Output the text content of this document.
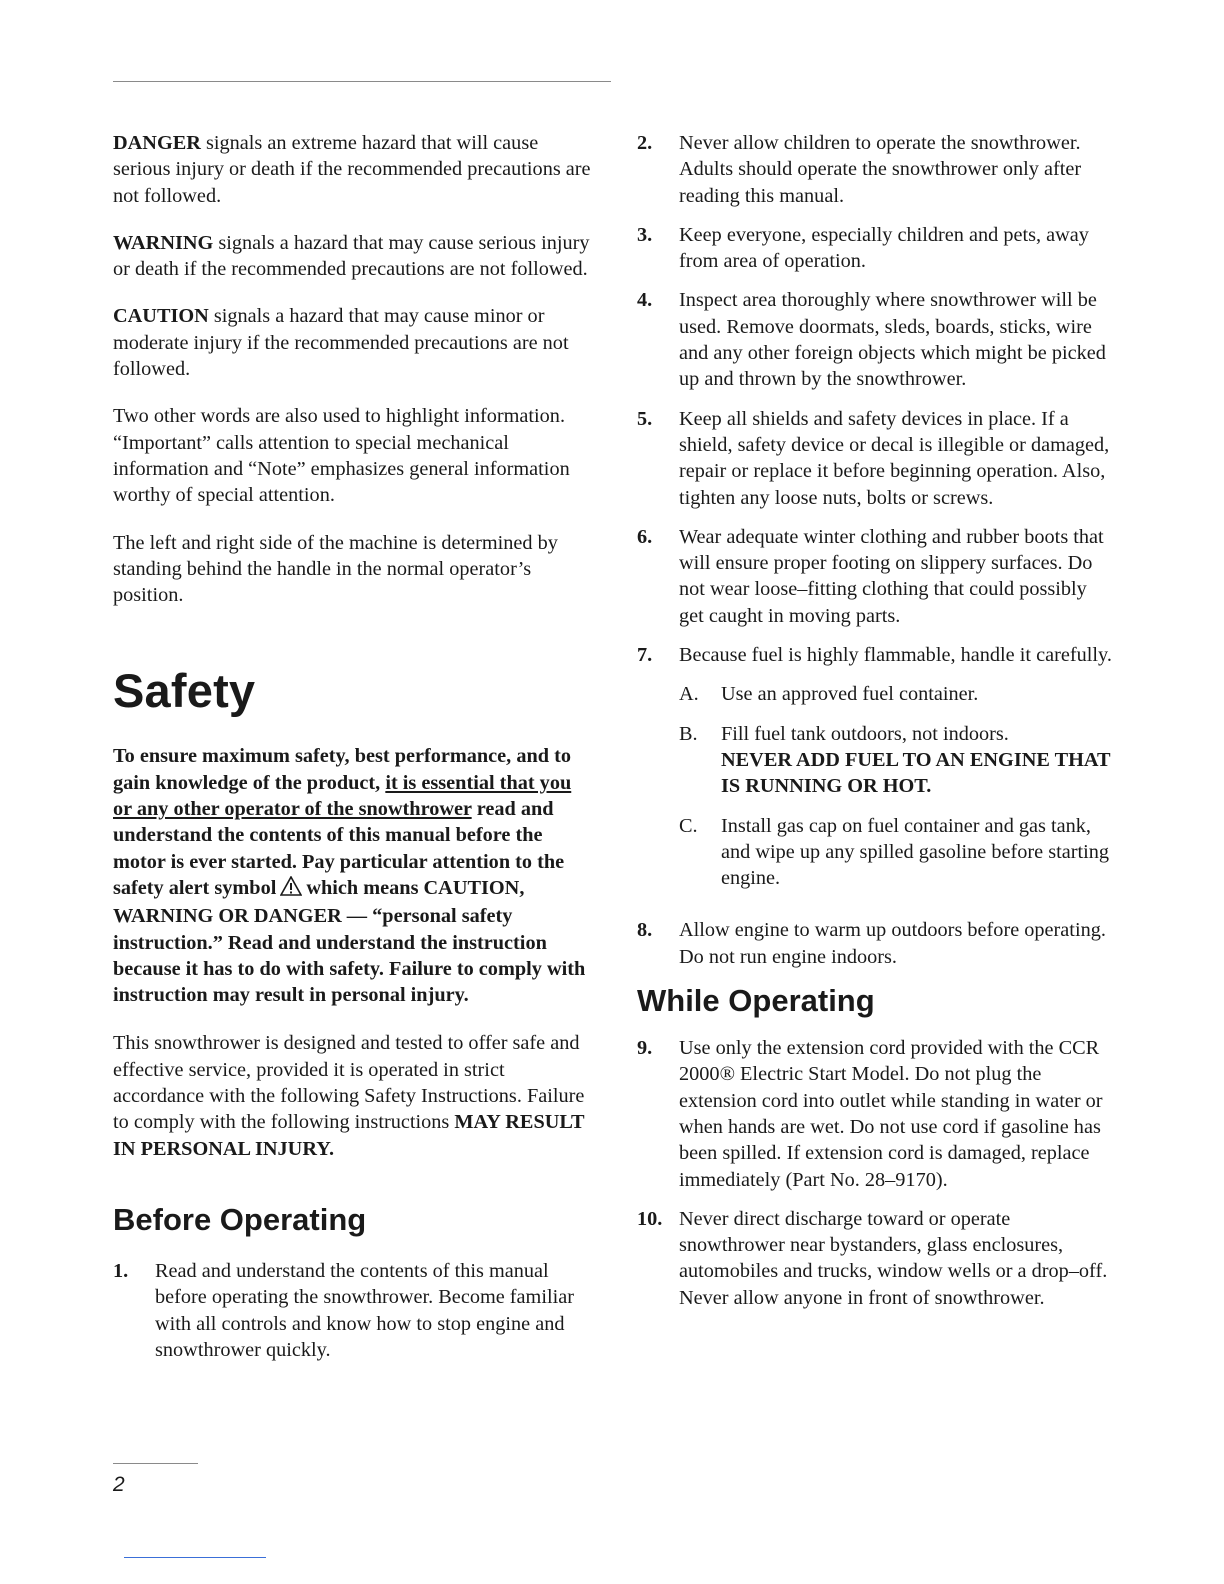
DANGER signals an extreme hazard that will cause serious injury or death if the recommended precautions are not followed.

WARNING signals a hazard that may cause serious injury or death if the recommended precautions are not followed.

CAUTION signals a hazard that may cause minor or moderate injury if the recommended precautions are not followed.

Two other words are also used to highlight information. “Important” calls attention to special mechanical information and “Note” emphasizes general information worthy of special attention.

The left and right side of the machine is determined by standing behind the handle in the normal operator’s position.

Safety

To ensure maximum safety, best performance, and to gain knowledge of the product, it is essential that you or any other operator of the snowthrower read and understand the contents of this manual before the motor is ever started. Pay particular attention to the safety alert symbol which means CAUTION, WARNING OR DANGER — “personal safety instruction.” Read and understand the instruction because it has to do with safety. Failure to comply with instruction may result in personal injury.

This snowthrower is designed and tested to offer safe and effective service, provided it is operated in strict accordance with the following Safety Instructions. Failure to comply with the following instructions MAY RESULT IN PERSONAL INJURY.

Before Operating
1.	Read and understand the contents of this manual before operating the snowthrower. Become familiar with all controls and know how to stop engine and snowthrower quickly.
2.	Never allow children to operate the snowthrower. Adults should operate the snowthrower only after reading this manual.
3.	Keep everyone, especially children and pets, away from area of operation.
4.	Inspect area thoroughly where snowthrower will be used. Remove doormats, sleds, boards, sticks, wire and any other foreign objects which might be picked up and thrown by the snowthrower.
5.	Keep all shields and safety devices in place. If a shield, safety device or decal is illegible or damaged, repair or replace it before beginning operation. Also, tighten any loose nuts, bolts or screws.
6.	Wear adequate winter clothing and rubber boots that will ensure proper footing on slippery surfaces. Do not wear loose–fitting clothing that could possibly get caught in moving parts.
7.	Because fuel is highly flammable, handle it carefully.
A.	Use an approved fuel container.
B.	Fill fuel tank outdoors, not indoors.
NEVER ADD FUEL TO AN ENGINE THAT IS RUNNING OR HOT.
C.	Install gas cap on fuel container and gas tank, and wipe up any spilled gasoline before starting engine.
8.	Allow engine to warm up outdoors before operating. Do not run engine indoors.
While Operating
9.	Use only the extension cord provided with the CCR 2000® Electric Start Model. Do not plug the extension cord into outlet while standing in water or when hands are wet. Do not use cord if gasoline has been spilled. If extension cord is damaged, replace immediately (Part No. 28–9170).
10. Never direct discharge toward or operate snowthrower near bystanders, glass enclosures, automobiles and trucks, window wells or a drop–off. Never allow anyone in front of snowthrower.
2
